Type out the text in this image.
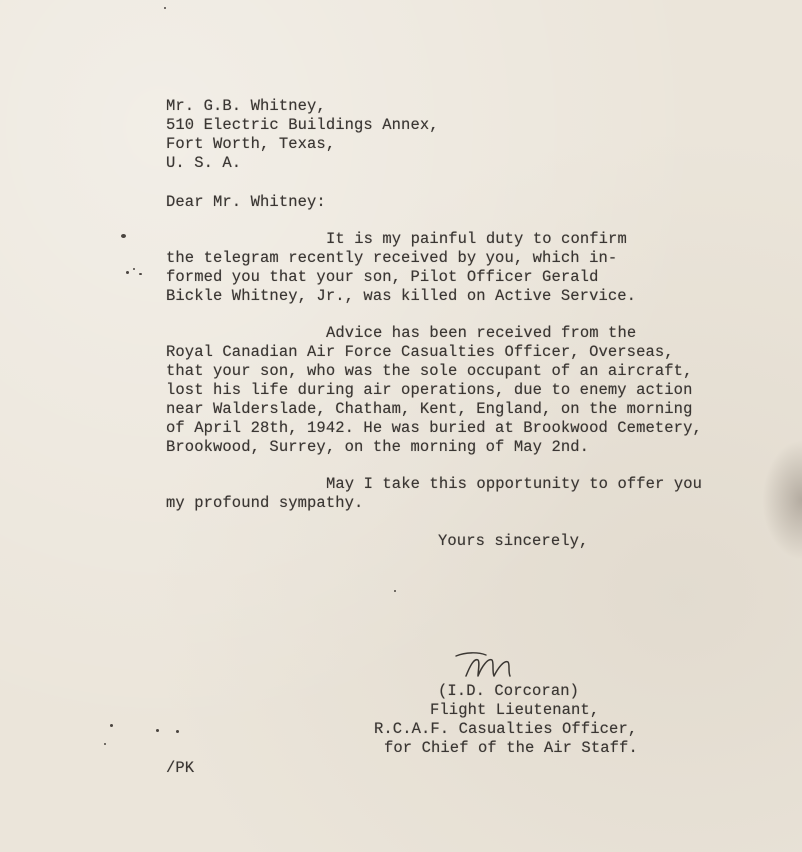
Mr. G.B. Whitney,
510 Electric Buildings Annex,
Fort Worth, Texas,
U. S. A.
Dear Mr. Whitney:
It is my painful duty to confirm
the telegram recently received by you, which in-
formed you that your son, Pilot Officer Gerald
Bickle Whitney, Jr., was killed on Active Service.
Advice has been received from the
Royal Canadian Air Force Casualties Officer, Overseas,
that your son, who was the sole occupant of an aircraft,
lost his life during air operations, due to enemy action
near Walderslade, Chatham, Kent, England, on the morning
of April 28th, 1942. He was buried at Brookwood Cemetery,
Brookwood, Surrey, on the morning of May 2nd.
May I take this opportunity to offer you
my profound sympathy.
Yours sincerely,
(I.D. Corcoran)
Flight Lieutenant,
R.C.A.F. Casualties Officer,
for Chief of the Air Staff.
/PK
